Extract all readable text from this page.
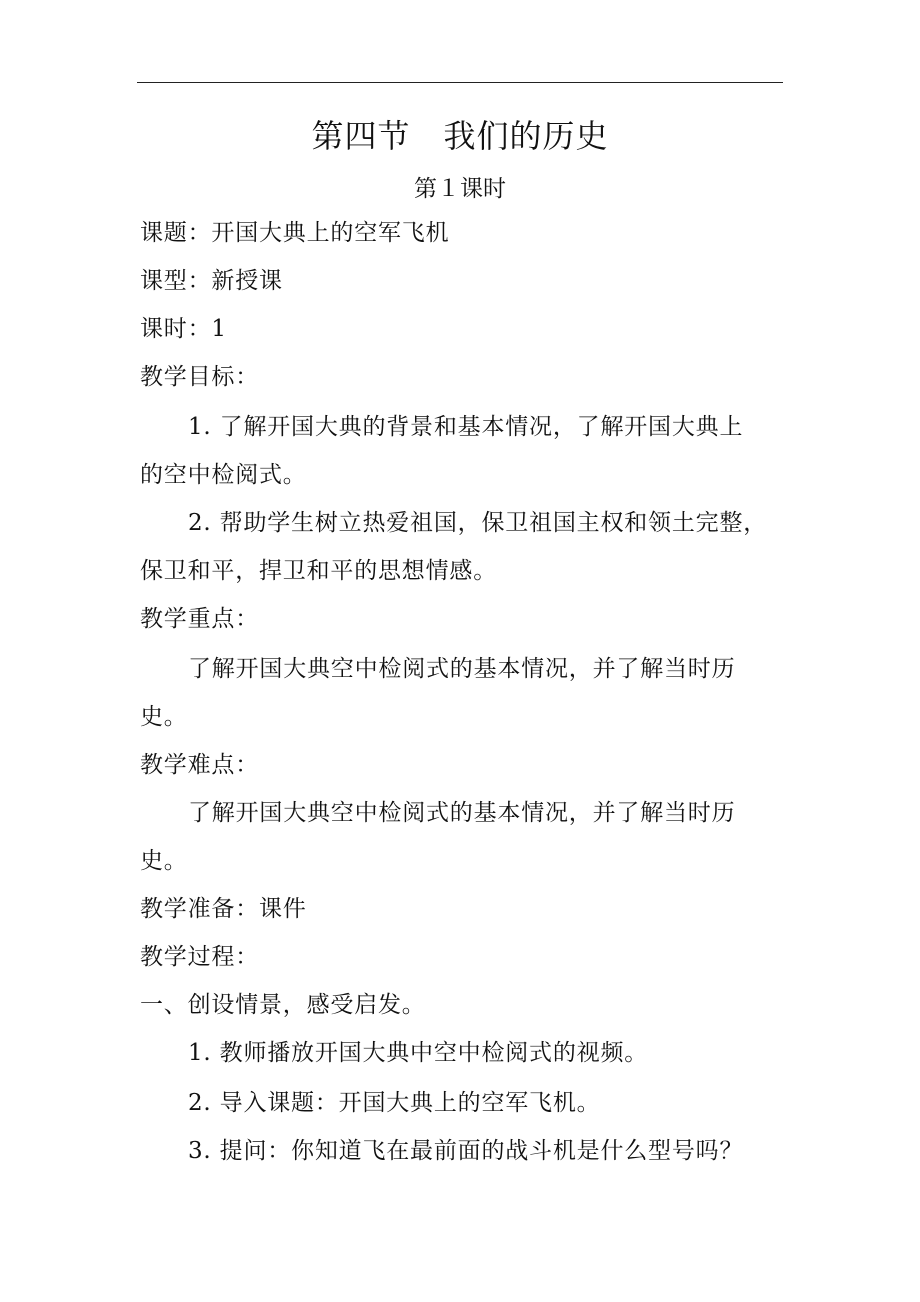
第四节　我们的历史
第１课时
课题：开国大典上的空军飞机
课型：新授课
课时：1
教学目标：
1. 了解开国大典的背景和基本情况，了解开国大典上
的空中检阅式。
2. 帮助学生树立热爱祖国，保卫祖国主权和领土完整，
保卫和平，捍卫和平的思想情感。
教学重点：
了解开国大典空中检阅式的基本情况，并了解当时历
史。
教学难点：
了解开国大典空中检阅式的基本情况，并了解当时历
史。
教学准备：课件
教学过程：
一、创设情景，感受启发。
1. 教师播放开国大典中空中检阅式的视频。
2. 导入课题：开国大典上的空军飞机。
3. 提问：你知道飞在最前面的战斗机是什么型号吗？
